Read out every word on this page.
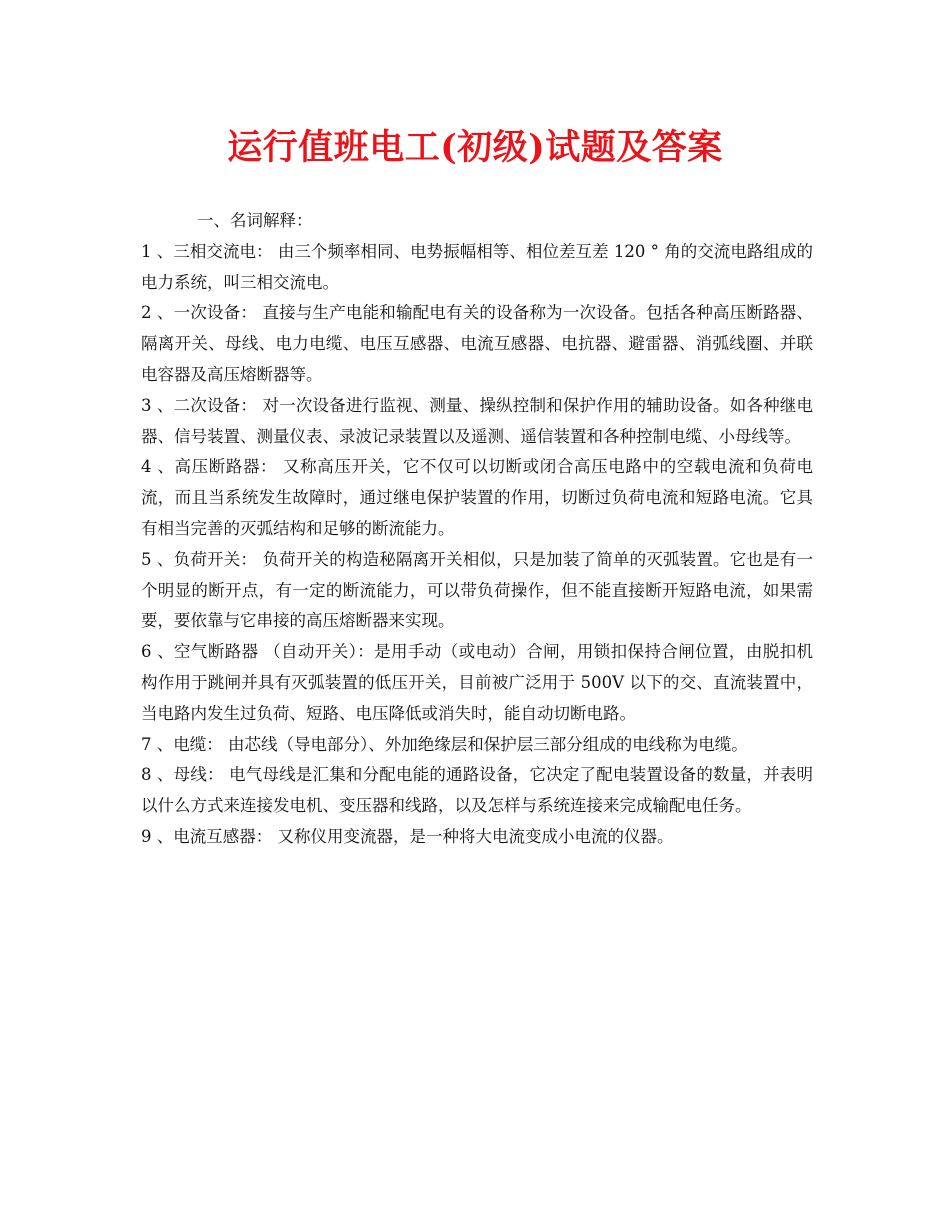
运行值班电工(初级)试题及答案

一、名词解释：

1 、三相交流电： 由三个频率相同、电势振幅相等、相位差互差 120 ° 角的交流电路组成的电力系统，叫三相交流电。

2 、一次设备： 直接与生产电能和输配电有关的设备称为一次设备。包括各种高压断路器、隔离开关、母线、电力电缆、电压互感器、电流互感器、电抗器、避雷器、消弧线圈、并联电容器及高压熔断器等。

3 、二次设备： 对一次设备进行监视、测量、操纵控制和保护作用的辅助设备。如各种继电器、信号装置、测量仪表、录波记录装置以及遥测、遥信装置和各种控制电缆、小母线等。

4 、高压断路器： 又称高压开关，它不仅可以切断或闭合高压电路中的空载电流和负荷电流，而且当系统发生故障时，通过继电保护装置的作用，切断过负荷电流和短路电流。它具有相当完善的灭弧结构和足够的断流能力。

5 、负荷开关： 负荷开关的构造秘隔离开关相似，只是加装了简单的灭弧装置。它也是有一个明显的断开点，有一定的断流能力，可以带负荷操作，但不能直接断开短路电流，如果需要，要依靠与它串接的高压熔断器来实现。

6 、空气断路器 （自动开关）：是用手动（或电动）合闸，用锁扣保持合闸位置，由脱扣机构作用于跳闸并具有灭弧装置的低压开关，目前被广泛用于 500V 以下的交、直流装置中，当电路内发生过负荷、短路、电压降低或消失时，能自动切断电路。

7 、电缆： 由芯线（导电部分）、外加绝缘层和保护层三部分组成的电线称为电缆。

8 、母线： 电气母线是汇集和分配电能的通路设备，它决定了配电装置设备的数量，并表明以什么方式来连接发电机、变压器和线路，以及怎样与系统连接来完成输配电任务。

9 、电流互感器： 又称仪用变流器，是一种将大电流变成小电流的仪器。
